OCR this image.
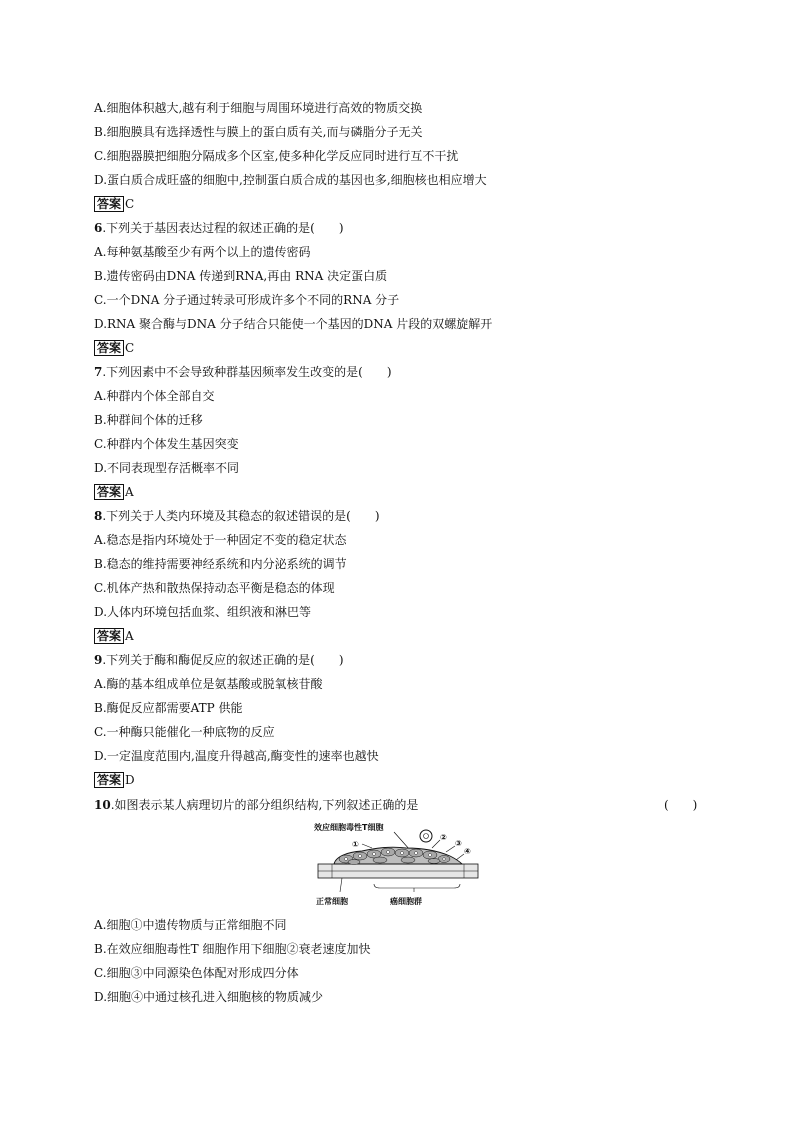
A.细胞体积越大,越有利于细胞与周围环境进行高效的物质交换
B.细胞膜具有选择透性与膜上的蛋白质有关,而与磷脂分子无关
C.细胞器膜把细胞分隔成多个区室,使多种化学反应同时进行互不干扰
D.蛋白质合成旺盛的细胞中,控制蛋白质合成的基因也多,细胞核也相应增大
答案 C
6.下列关于基因表达过程的叙述正确的是(　　)
A.每种氨基酸至少有两个以上的遗传密码
B.遗传密码由DNA 传递到RNA,再由 RNA 决定蛋白质
C.一个DNA 分子通过转录可形成许多个不同的RNA 分子
D.RNA 聚合酶与DNA 分子结合只能使一个基因的DNA 片段的双螺旋解开
答案 C
7.下列因素中不会导致种群基因频率发生改变的是(　　)
A.种群内个体全部自交
B.种群间个体的迁移
C.种群内个体发生基因突变
D.不同表现型存活概率不同
答案 A
8.下列关于人类内环境及其稳态的叙述错误的是(　　)
A.稳态是指内环境处于一种固定不变的稳定状态
B.稳态的维持需要神经系统和内分泌系统的调节
C.机体产热和散热保持动态平衡是稳态的体现
D.人体内环境包括血浆、组织液和淋巴等
答案 A
9.下列关于酶和酶促反应的叙述正确的是(　　)
A.酶的基本组成单位是氨基酸或脱氧核苷酸
B.酶促反应都需要ATP 供能
C.一种酶只能催化一种底物的反应
D.一定温度范围内,温度升得越高,酶变性的速率也越快
答案 D
10.如图表示某人病理切片的部分组织结构,下列叙述正确的是	(　　)
效应细胞毒性T细胞
①
②
③
④
正常细胞	癌细胞群
A.细胞①中遗传物质与正常细胞不同
B.在效应细胞毒性T 细胞作用下细胞②衰老速度加快
C.细胞③中同源染色体配对形成四分体
D.细胞④中通过核孔进入细胞核的物质减少
